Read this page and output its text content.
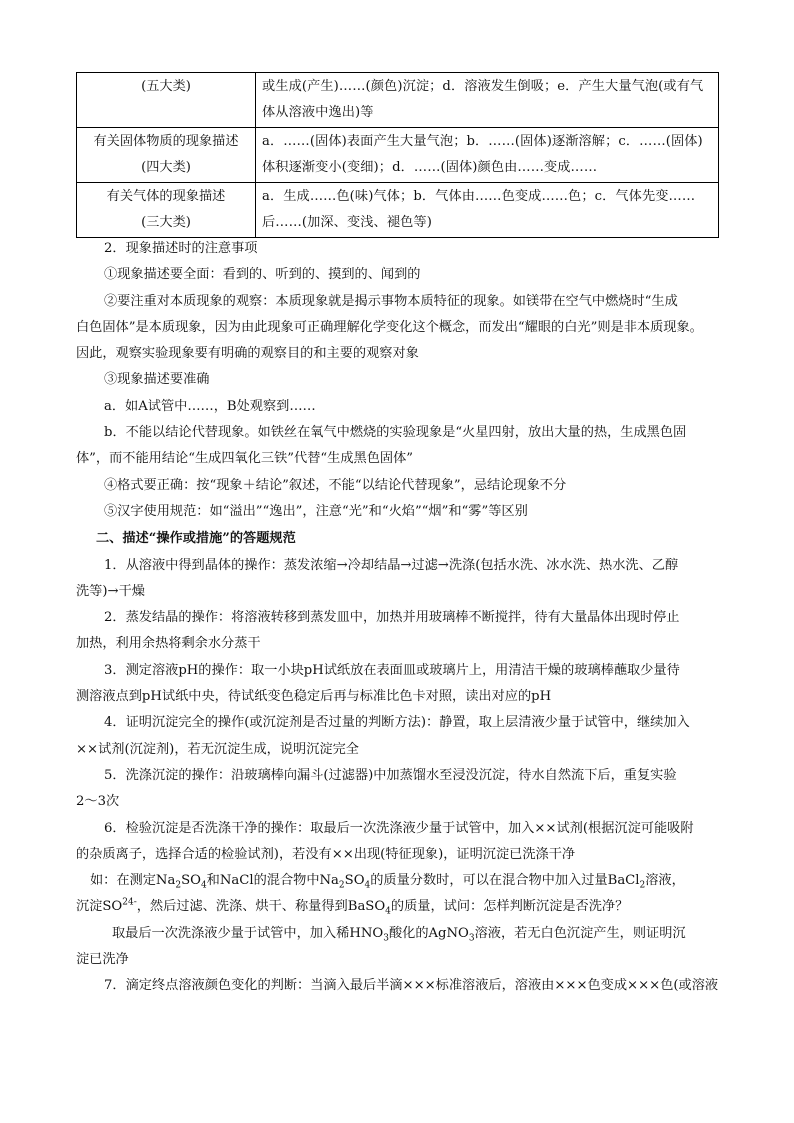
(五大类)	或生成(产生)……(颜色)沉淀；d．溶液发生倒吸；e．产生大量气泡(或有气体从溶液中逸出)等

有关固体物质的现象描述
(四大类)	a．……(固体)表面产生大量气泡；b．……(固体)逐渐溶解；c．……(固体)体积逐渐变小(变细)；d．……(固体)颜色由……变成……

有关气体的现象描述
(三大类)	a．生成……色(味)气体；b．气体由……色变成……色；c．气体先变……后……(加深、变浅、褪色等)

2．现象描述时的注意事项

①现象描述要全面：看到的、听到的、摸到的、闻到的

②要注重对本质现象的观察：本质现象就是揭示事物本质特征的现象。如镁带在空气中燃烧时“生成

白色固体”是本质现象，因为由此现象可正确理解化学变化这个概念，而发出“耀眼的白光”则是非本质现象。

因此，观察实验现象要有明确的观察目的和主要的观察对象

③现象描述要准确

a．如A试管中……，B处观察到……

b．不能以结论代替现象。如铁丝在氧气中燃烧的实验现象是“火星四射，放出大量的热，生成黑色固

体”，而不能用结论“生成四氧化三铁”代替“生成黑色固体”

④格式要正确：按“现象＋结论”叙述，不能“以结论代替现象”，忌结论现象不分

⑤汉字使用规范：如“溢出”“逸出”，注意“光”和“火焰”“烟”和“雾”等区别

二、描述“操作或措施”的答题规范

1．从溶液中得到晶体的操作：蒸发浓缩→冷却结晶→过滤→洗涤(包括水洗、冰水洗、热水洗、乙醇

洗等)→干燥

2．蒸发结晶的操作：将溶液转移到蒸发皿中，加热并用玻璃棒不断搅拌，待有大量晶体出现时停止

加热，利用余热将剩余水分蒸干

3．测定溶液pH的操作：取一小块pH试纸放在表面皿或玻璃片上，用清洁干燥的玻璃棒蘸取少量待

测溶液点到pH试纸中央，待试纸变色稳定后再与标准比色卡对照，读出对应的pH

4．证明沉淀完全的操作(或沉淀剂是否过量的判断方法)：静置，取上层清液少量于试管中，继续加入

××试剂(沉淀剂)，若无沉淀生成，说明沉淀完全

5．洗涤沉淀的操作：沿玻璃棒向漏斗(过滤器)中加蒸馏水至浸没沉淀，待水自然流下后，重复实验

2～3次

6．检验沉淀是否洗涤干净的操作：取最后一次洗涤液少量于试管中，加入××试剂(根据沉淀可能吸附

的杂质离子，选择合适的检验试剂)，若没有××出现(特征现象)，证明沉淀已洗涤干净

如：在测定$Na_2SO_4$和NaCl的混合物中$Na_2SO_4$的质量分数时，可以在混合物中加入过量BaCl$_2$溶液，

沉淀$SO^{24-}$，然后过滤、洗涤、烘干、称量得到BaSO$_4$的质量，试问：怎样判断沉淀是否洗净？

取最后一次洗涤液少量于试管中，加入稀$HNO_3$酸化的AgNO$_3$溶液，若无白色沉淀产生，则证明沉

淀已洗净

7．滴定终点溶液颜色变化的判断：当滴入最后半滴×××标准溶液后，溶液由×××色变成×××色(或溶液
